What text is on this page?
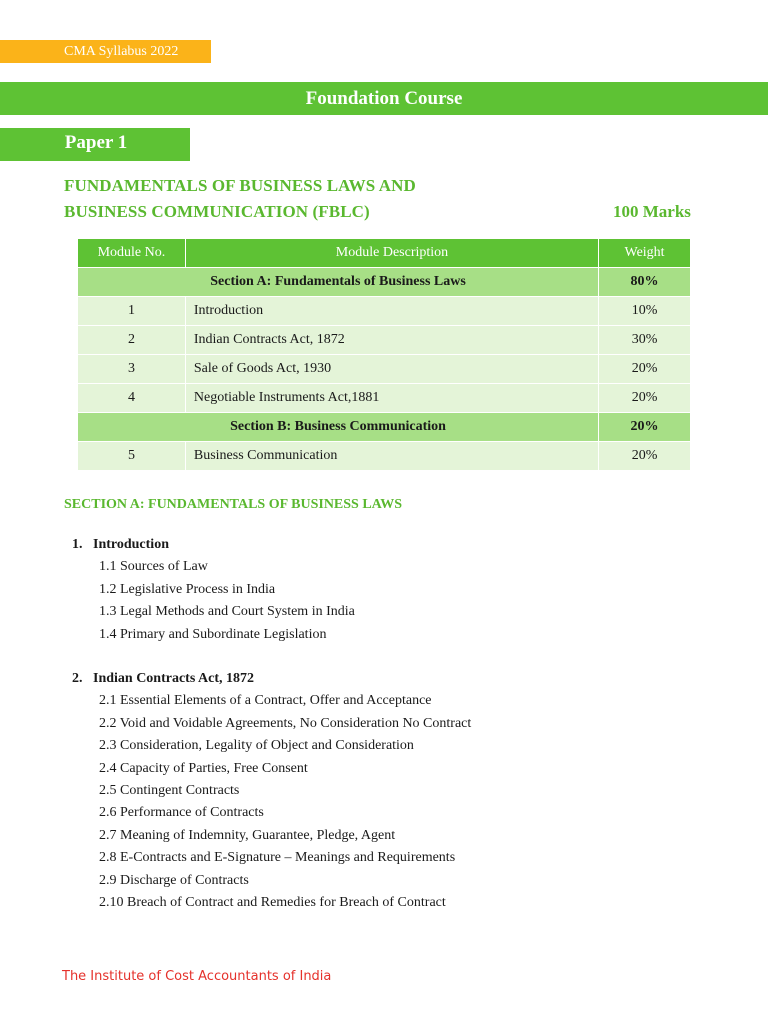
CMA Syllabus 2022
Foundation Course
Paper 1
FUNDAMENTALS OF BUSINESS LAWS AND
BUSINESS COMMUNICATION (FBLC)	100 Marks
Module No.	Module Description	Weight
Section A: Fundamentals of Business Laws		80%
1	Introduction	10%
2	Indian Contracts Act, 1872	30%
3	Sale of Goods Act, 1930	20%
4	Negotiable Instruments Act,1881	20%
Section B: Business Communication		20%
5	Business Communication	20%
SECTION A: FUNDAMENTALS OF BUSINESS LAWS
1.   Introduction
1.1 Sources of Law
1.2 Legislative Process in India
1.3 Legal Methods and Court System in India
1.4 Primary and Subordinate Legislation
2.   Indian Contracts Act, 1872
2.1 Essential Elements of a Contract, Offer and Acceptance
2.2 Void and Voidable Agreements, No Consideration No Contract
2.3 Consideration, Legality of Object and Consideration
2.4 Capacity of Parties, Free Consent
2.5 Contingent Contracts
2.6 Performance of Contracts
2.7 Meaning of Indemnity, Guarantee, Pledge, Agent
2.8 E-Contracts and E-Signature – Meanings and Requirements
2.9 Discharge of Contracts
2.10 Breach of Contract and Remedies for Breach of Contract
The Institute of Cost Accountants of India
